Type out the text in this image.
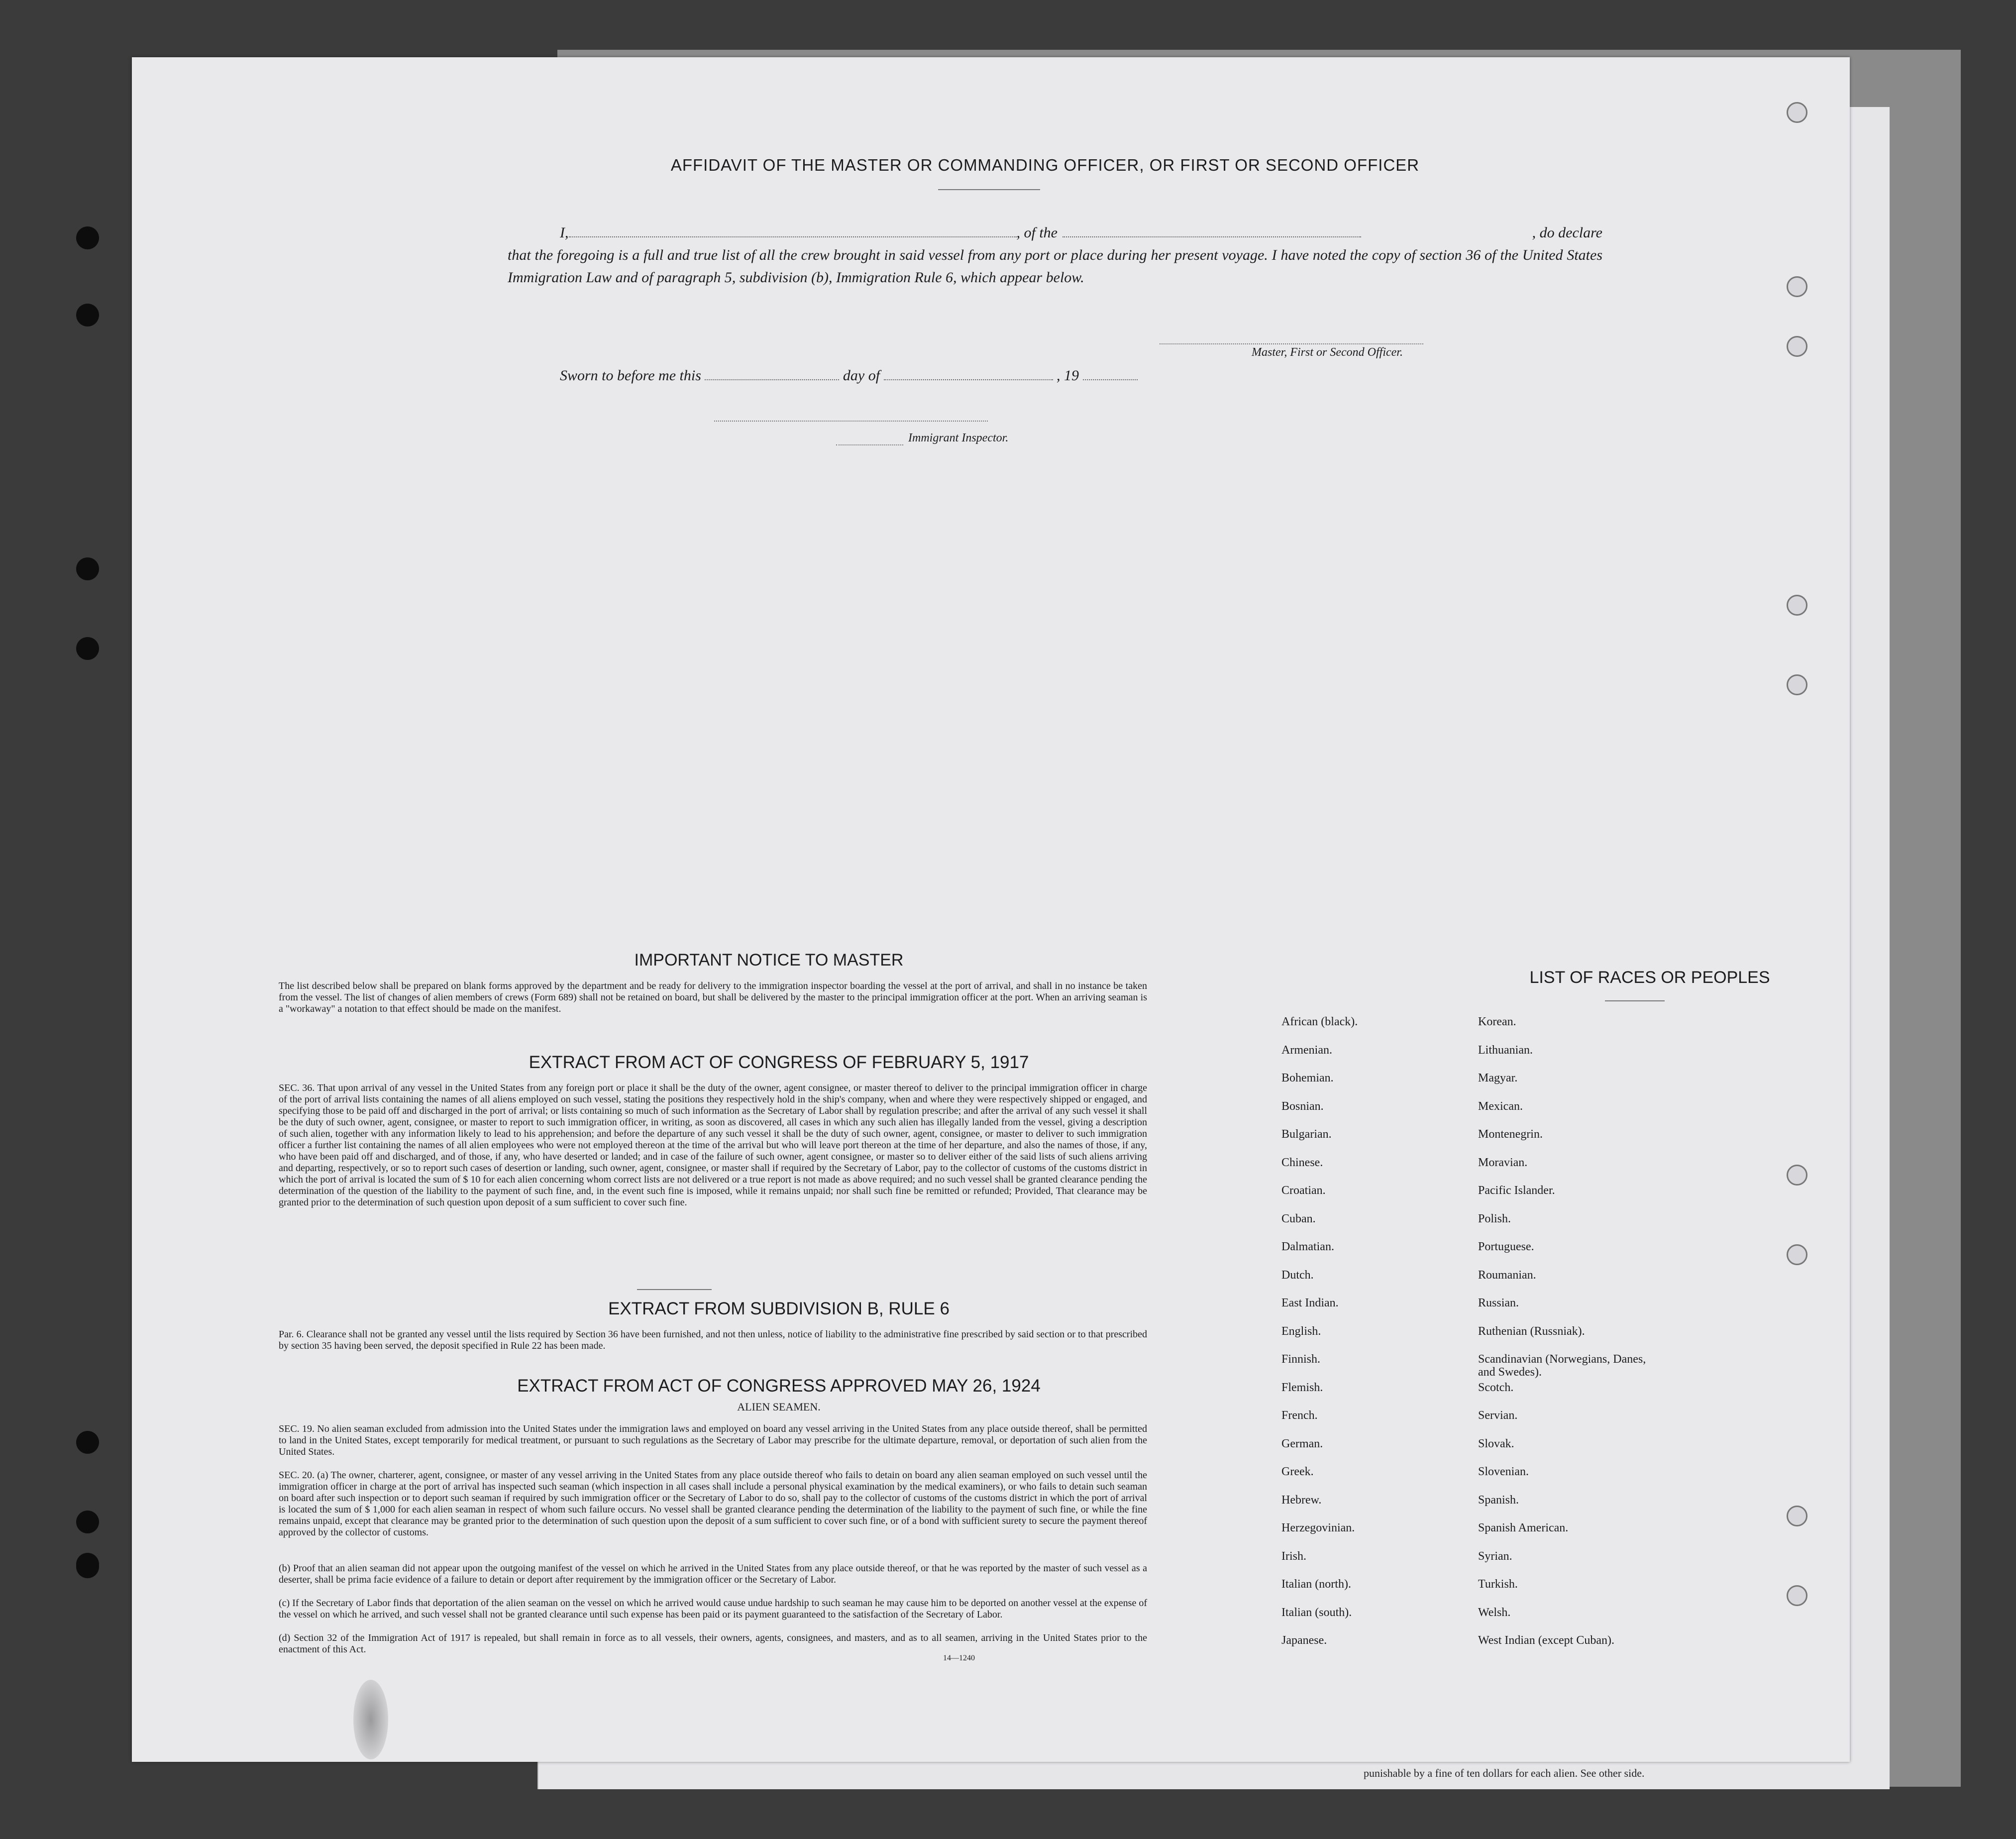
punishable by a fine of ten dollars for each alien. See other side.
AFFIDAVIT OF THE MASTER OR COMMANDING OFFICER, OR FIRST OR SECOND OFFICER
I,	, of the	, do declare
that the foregoing is a full and true list of all the crew brought in said vessel from any port or place during her present voyage. I have noted the copy of section 36 of the United States Immigration Law and of paragraph 5, subdivision (b), Immigration Rule 6, which appear below.
Master, First or Second Officer.
Sworn to before me this	day of	, 19
Immigrant Inspector.
IMPORTANT NOTICE TO MASTER
The list described below shall be prepared on blank forms approved by the department and be ready for delivery to the immigration inspector boarding the vessel at the port of arrival, and shall in no instance be taken from the vessel. The list of changes of alien members of crews (Form 689) shall not be retained on board, but shall be delivered by the master to the principal immigration officer at the port. When an arriving seaman is a "workaway" a notation to that effect should be made on the manifest.
EXTRACT FROM ACT OF CONGRESS OF FEBRUARY 5, 1917
SEC. 36. That upon arrival of any vessel in the United States from any foreign port or place it shall be the duty of the owner, agent consignee, or master thereof to deliver to the principal immigration officer in charge of the port of arrival lists containing the names of all aliens employed on such vessel, stating the positions they respectively hold in the ship's company, when and where they were respectively shipped or engaged, and specifying those to be paid off and discharged in the port of arrival; or lists containing so much of such information as the Secretary of Labor shall by regulation prescribe; and after the arrival of any such vessel it shall be the duty of such owner, agent, consignee, or master to report to such immigration officer, in writing, as soon as discovered, all cases in which any such alien has illegally landed from the vessel, giving a description of such alien, together with any information likely to lead to his apprehension; and before the departure of any such vessel it shall be the duty of such owner, agent, consignee, or master to deliver to such immigration officer a further list containing the names of all alien employees who were not employed thereon at the time of the arrival but who will leave port thereon at the time of her departure, and also the names of those, if any, who have been paid off and discharged, and of those, if any, who have deserted or landed; and in case of the failure of such owner, agent consignee, or master so to deliver either of the said lists of such aliens arriving and departing, respectively, or so to report such cases of desertion or landing, such owner, agent, consignee, or master shall if required by the Secretary of Labor, pay to the collector of customs of the customs district in which the port of arrival is located the sum of $ 10 for each alien concerning whom correct lists are not delivered or a true report is not made as above required; and no such vessel shall be granted clearance pending the determination of the question of the liability to the payment of such fine, and, in the event such fine is imposed, while it remains unpaid; nor shall such fine be remitted or refunded; Provided, That clearance may be granted prior to the determination of such question upon deposit of a sum sufficient to cover such fine.
EXTRACT FROM SUBDIVISION B, RULE 6
Par. 6. Clearance shall not be granted any vessel until the lists required by Section 36 have been furnished, and not then unless, notice of liability to the administrative fine prescribed by said section or to that prescribed by section 35 having been served, the deposit specified in Rule 22 has been made.
EXTRACT FROM ACT OF CONGRESS APPROVED MAY 26, 1924
ALIEN SEAMEN.
SEC. 19. No alien seaman excluded from admission into the United States under the immigration laws and employed on board any vessel arriving in the United States from any place outside thereof, shall be permitted to land in the United States, except temporarily for medical treatment, or pursuant to such regulations as the Secretary of Labor may prescribe for the ultimate departure, removal, or deportation of such alien from the United States.
SEC. 20. (a) The owner, charterer, agent, consignee, or master of any vessel arriving in the United States from any place outside thereof who fails to detain on board any alien seaman employed on such vessel until the immigration officer in charge at the port of arrival has inspected such seaman (which inspection in all cases shall include a personal physical examination by the medical examiners), or who fails to detain such seaman on board after such inspection or to deport such seaman if required by such immigration officer or the Secretary of Labor to do so, shall pay to the collector of customs of the customs district in which the port of arrival is located the sum of $ 1,000 for each alien seaman in respect of whom such failure occurs. No vessel shall be granted clearance pending the determination of the liability to the payment of such fine, or while the fine remains unpaid, except that clearance may be granted prior to the determination of such question upon the deposit of a sum sufficient to cover such fine, or of a bond with sufficient surety to secure the payment thereof approved by the collector of customs.
(b) Proof that an alien seaman did not appear upon the outgoing manifest of the vessel on which he arrived in the United States from any place outside thereof, or that he was reported by the master of such vessel as a deserter, shall be prima facie evidence of a failure to detain or deport after requirement by the immigration officer or the Secretary of Labor.
(c) If the Secretary of Labor finds that deportation of the alien seaman on the vessel on which he arrived would cause undue hardship to such seaman he may cause him to be deported on another vessel at the expense of the vessel on which he arrived, and such vessel shall not be granted clearance until such expense has been paid or its payment guaranteed to the satisfaction of the Secretary of Labor.
(d) Section 32 of the Immigration Act of 1917 is repealed, but shall remain in force as to all vessels, their owners, agents, consignees, and masters, and as to all seamen, arriving in the United States prior to the enactment of this Act.
14—1240
LIST OF RACES OR PEOPLES
African (black).
Armenian.
Bohemian.
Bosnian.
Bulgarian.
Chinese.
Croatian.
Cuban.
Dalmatian.
Dutch.
East Indian.
English.
Finnish.
Flemish.
French.
German.
Greek.
Hebrew.
Herzegovinian.
Irish.
Italian (north).
Italian (south).
Japanese.
Korean.
Lithuanian.
Magyar.
Mexican.
Montenegrin.
Moravian.
Pacific Islander.
Polish.
Portuguese.
Roumanian.
Russian.
Ruthenian (Russniak).
Scandinavian (Norwegians, Danes, and Swedes).
Scotch.
Servian.
Slovak.
Slovenian.
Spanish.
Spanish American.
Syrian.
Turkish.
Welsh.
West Indian (except Cuban).
